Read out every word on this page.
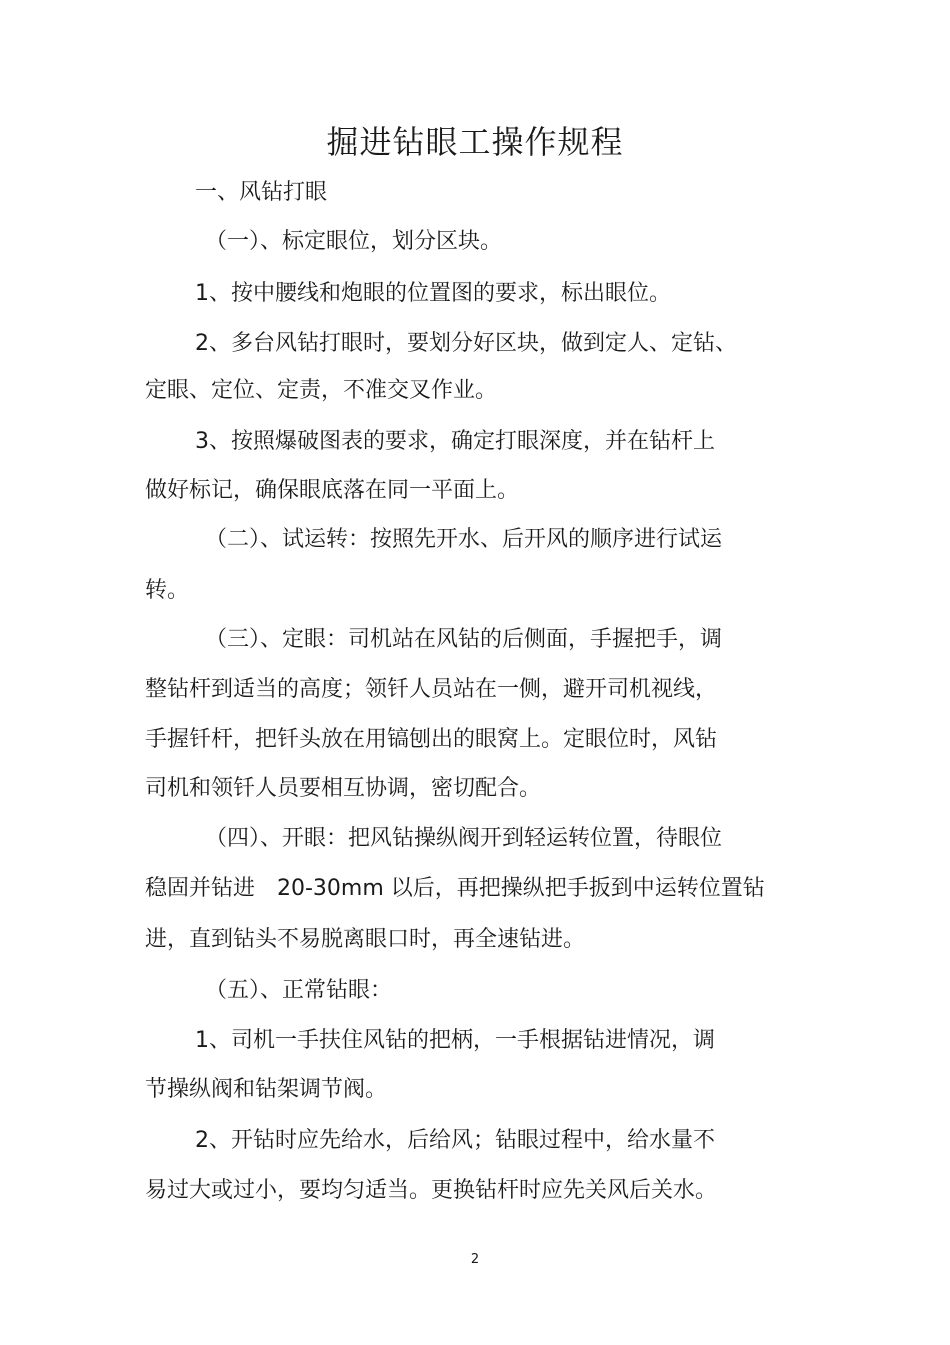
掘进钻眼工操作规程
一、风钻打眼
（一）、标定眼位，划分区块。
1、按中腰线和炮眼的位置图的要求，标出眼位。
2、多台风钻打眼时，要划分好区块，做到定人、定钻、
定眼、定位、定责，不准交叉作业。
3、按照爆破图表的要求，确定打眼深度，并在钻杆上
做好标记，确保眼底落在同一平面上。
（二）、试运转：按照先开水、后开风的顺序进行试运
转。
（三）、定眼：司机站在风钻的后侧面，手握把手，调
整钻杆到适当的高度；领钎人员站在一侧，避开司机视线，
手握钎杆，把钎头放在用镐刨出的眼窝上。定眼位时，风钻
司机和领钎人员要相互协调，密切配合。
（四）、开眼：把风钻操纵阀开到轻运转位置，待眼位
稳固并钻进　20-30mm 以后，再把操纵把手扳到中运转位置钻
进，直到钻头不易脱离眼口时，再全速钻进。
（五）、正常钻眼：
1、司机一手扶住风钻的把柄，一手根据钻进情况，调
节操纵阀和钻架调节阀。
2、开钻时应先给水，后给风；钻眼过程中，给水量不
易过大或过小，要均匀适当。更换钻杆时应先关风后关水。
2
